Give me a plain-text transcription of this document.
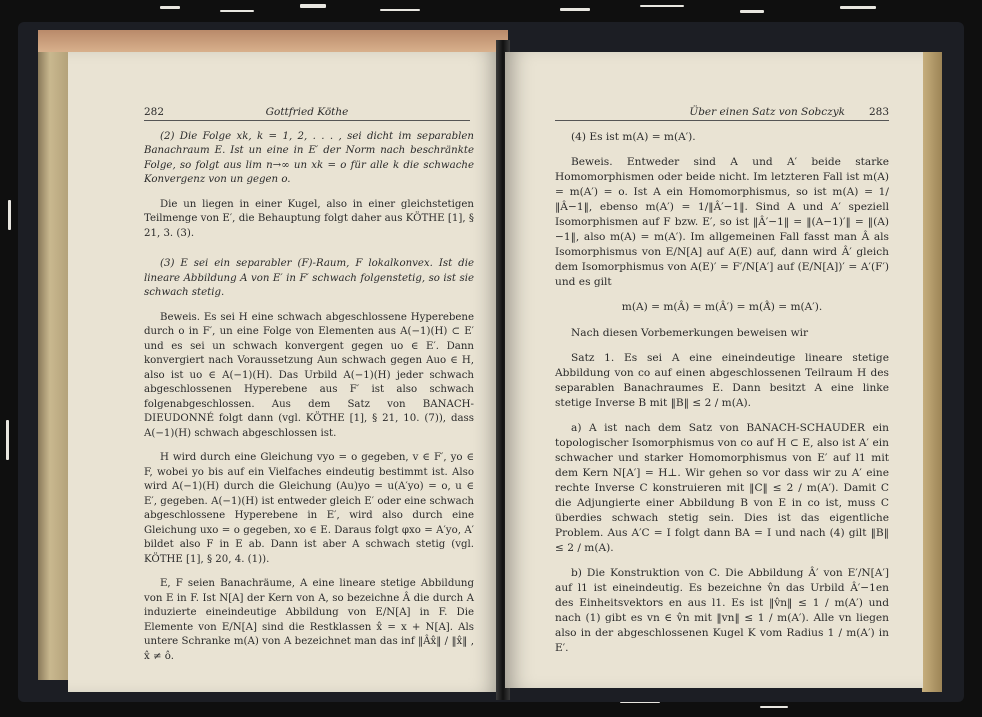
282	Gottfried Köthe

(2) Die Folge xk, k = 1, 2, . . . , sei dicht im separablen Banachraum E. Ist un eine in E′ der Norm nach beschränkte Folge, so folgt aus lim n→∞ un xk = o für alle k die schwache Konvergenz von un gegen o.

Die un liegen in einer Kugel, also in einer gleichstetigen Teilmenge von E′, die Behauptung folgt daher aus KÖTHE [1], § 21, 3. (3).

(3) E sei ein separabler (F)-Raum, F lokalkonvex. Ist die lineare Abbildung A von E′ in F′ schwach folgenstetig, so ist sie schwach stetig.

Beweis. Es sei H eine schwach abgeschlossene Hyperebene durch o in F′, un eine Folge von Elementen aus A(−1)(H) ⊂ E′ und es sei un schwach konvergent gegen uo ∈ E′. Dann konvergiert nach Voraussetzung Aun schwach gegen Auo ∈ H, also ist uo ∈ A(−1)(H). Das Urbild A(−1)(H) jeder schwach abgeschlossenen Hyperebene aus F′ ist also schwach folgenabgeschlossen. Aus dem Satz von BANACH-DIEUDONNÉ folgt dann (vgl. KÖTHE [1], § 21, 10. (7)), dass A(−1)(H) schwach abgeschlossen ist.

H wird durch eine Gleichung vyo = o gegeben, v ∈ F′, yo ∈ F, wobei yo bis auf ein Vielfaches eindeutig bestimmt ist. Also wird A(−1)(H) durch die Gleichung (Au)yo = u(A′yo) = o, u ∈ E′, gegeben. A(−1)(H) ist entweder gleich E′ oder eine schwach abgeschlossene Hyperebene in E′, wird also durch eine Gleichung uxo = o gegeben, xo ∈ E. Daraus folgt φxo = A′yo, A′ bildet also F in E ab. Dann ist aber A schwach stetig (vgl. KÖTHE [1], § 20, 4. (1)).

E, F seien Banachräume, A eine lineare stetige Abbildung von E in F. Ist N[A] der Kern von A, so bezeichne Â die durch A induzierte eineindeutige Abbildung von E/N[A] in F. Die Elemente von E/N[A] sind die Restklassen x̂ = x + N[A]. Als untere Schranke m(A) von A bezeichnet man das inf ‖Âx̂‖ / ‖x̂‖ , x̂ ≠ ô.

Über einen Satz von Sobczyk	283

(4) Es ist m(A) = m(A′).

Beweis. Entweder sind A und A′ beide starke Homomorphismen oder beide nicht. Im letzteren Fall ist m(A) = m(A′) = o. Ist A ein Homomorphismus, so ist m(A) = 1/‖Â−1‖, ebenso m(A′) = 1/‖Â′−1‖. Sind A und A′ speziell Isomorphismen auf F bzw. E′, so ist ‖Â′−1‖ = ‖(A−1)′‖ = ‖(A)−1‖, also m(A) = m(A′). Im allgemeinen Fall fasst man Â als Isomorphismus von E/N[A] auf A(E) auf, dann wird Â′ gleich dem Isomorphismus von A(E)′ = F′/N[A′] auf (E/N[A])′ = A′(F′) und es gilt

m(A) = m(Â) = m(Â′) = m(Â̂) = m(A′).

Nach diesen Vorbemerkungen beweisen wir

Satz 1. Es sei A eine eineindeutige lineare stetige Abbildung von co auf einen abgeschlossenen Teilraum H des separablen Banachraumes E. Dann besitzt A eine linke stetige Inverse B mit ‖B‖ ≤ 2 / m(A).

a) A ist nach dem Satz von BANACH-SCHAUDER ein topologischer Isomorphismus von co auf H ⊂ E, also ist A′ ein schwacher und starker Homomorphismus von E′ auf l1 mit dem Kern N[A′] = H⊥. Wir gehen so vor dass wir zu A′ eine rechte Inverse C konstruieren mit ‖C‖ ≤ 2 / m(A′). Damit C die Adjungierte einer Abbildung B von E in co ist, muss C überdies schwach stetig sein. Dies ist das eigentliche Problem. Aus A′C = I folgt dann BA = I und nach (4) gilt ‖B‖ ≤ 2 / m(A).

b) Die Konstruktion von C. Die Abbildung Â′ von E′/N[A′] auf l1 ist eineindeutig. Es bezeichne v̂n das Urbild Â′−1en des Einheitsvektors en aus l1. Es ist ‖v̂n‖ ≤ 1 / m(A′) und nach (1) gibt es vn ∈ v̂n mit ‖vn‖ ≤ 1 / m(A′). Alle vn liegen also in der abgeschlossenen Kugel K vom Radius 1 / m(A′) in E′.
